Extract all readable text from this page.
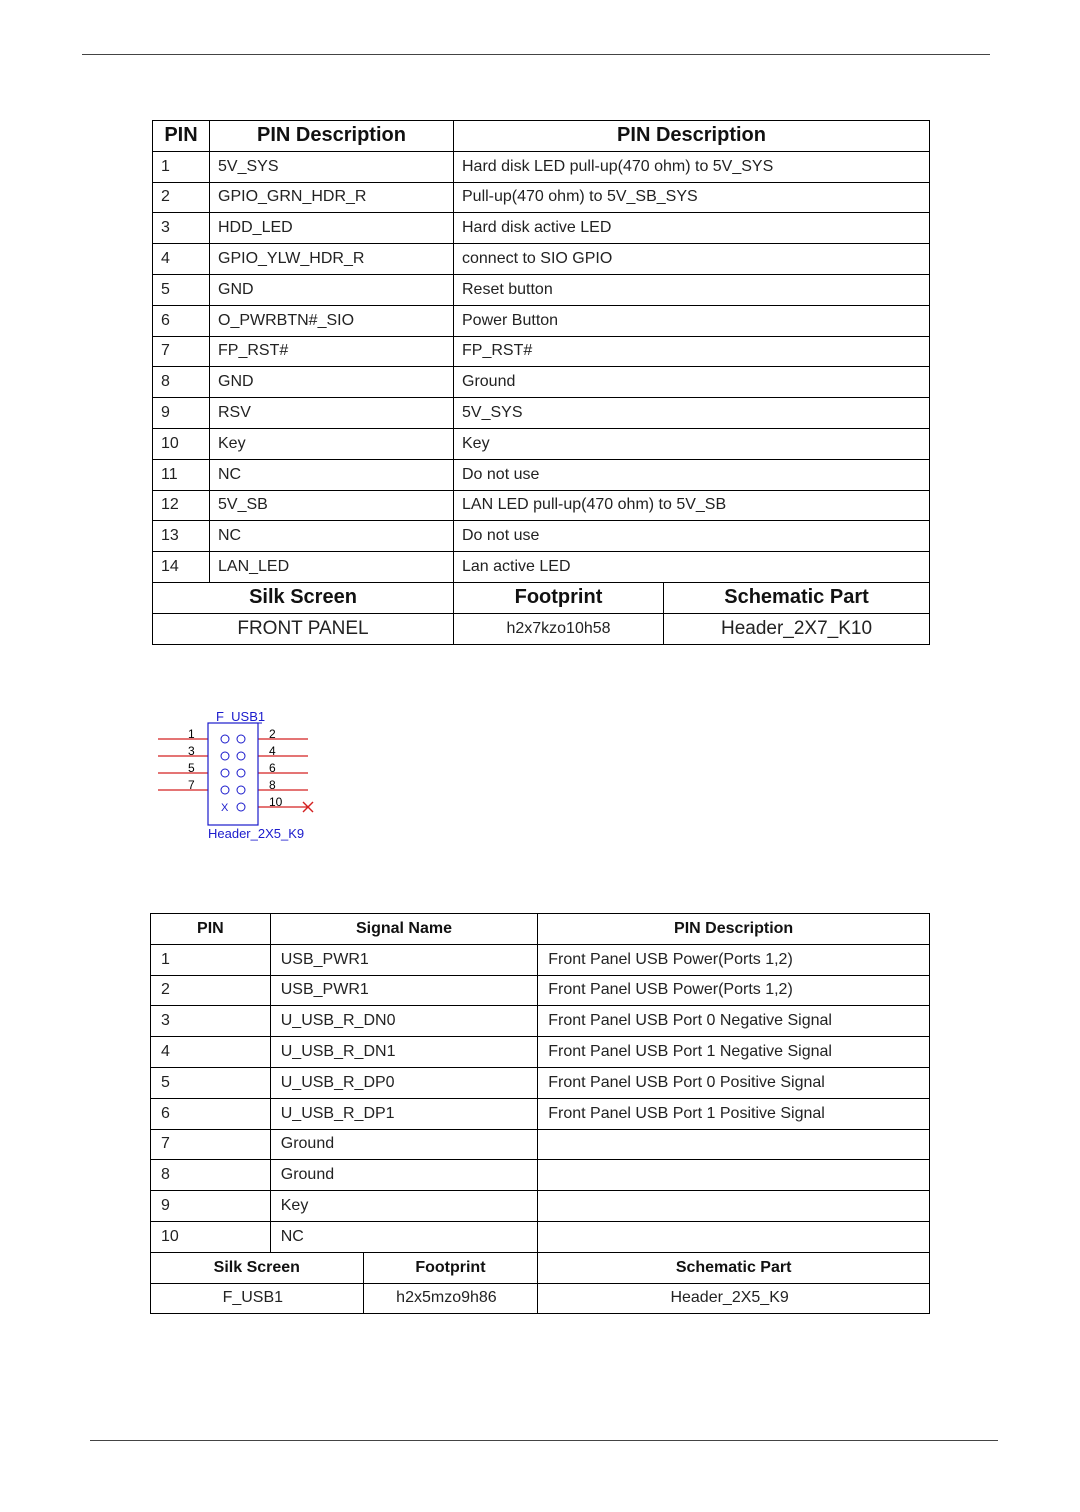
PIN	PIN Description	PIN Description	
1	5V_SYS	Hard disk LED pull-up(470 ohm) to 5V_SYS	
2	GPIO_GRN_HDR_R	Pull-up(470 ohm) to 5V_SB_SYS	
3	HDD_LED	Hard disk active LED	
4	GPIO_YLW_HDR_R	connect to SIO GPIO	
5	GND	Reset button	
6	O_PWRBTN#_SIO	Power Button	
7	FP_RST#	FP_RST#	
8	GND	Ground	
9	RSV	5V_SYS	
10	Key	Key	
11	NC	Do not use	
12	5V_SB	LAN LED pull-up(470 ohm) to 5V_SB	
13	NC	Do not use	
14	LAN_LED	Lan active LED	
Silk Screen		Footprint	Schematic Part
FRONT PANEL		h2x7kzo10h58	Header_2X7_K10
F_USB1
Header_2X5_K9
1
3
5
7
X
2
4
6
8
10
PIN	Signal Name		PIN Description
1	USB_PWR1		Front Panel USB Power(Ports 1,2)
2	USB_PWR1		Front Panel USB Power(Ports 1,2)
3	U_USB_R_DN0		Front Panel USB Port 0 Negative Signal
4	U_USB_R_DN1		Front Panel USB Port 1 Negative Signal
5	U_USB_R_DP0		Front Panel USB Port 0 Positive Signal
6	U_USB_R_DP1		Front Panel USB Port 1 Positive Signal
7	Ground		
8	Ground		
9	Key		
10	NC		
Silk Screen		Footprint	Schematic Part
F_USB1		h2x5mzo9h86	Header_2X5_K9
